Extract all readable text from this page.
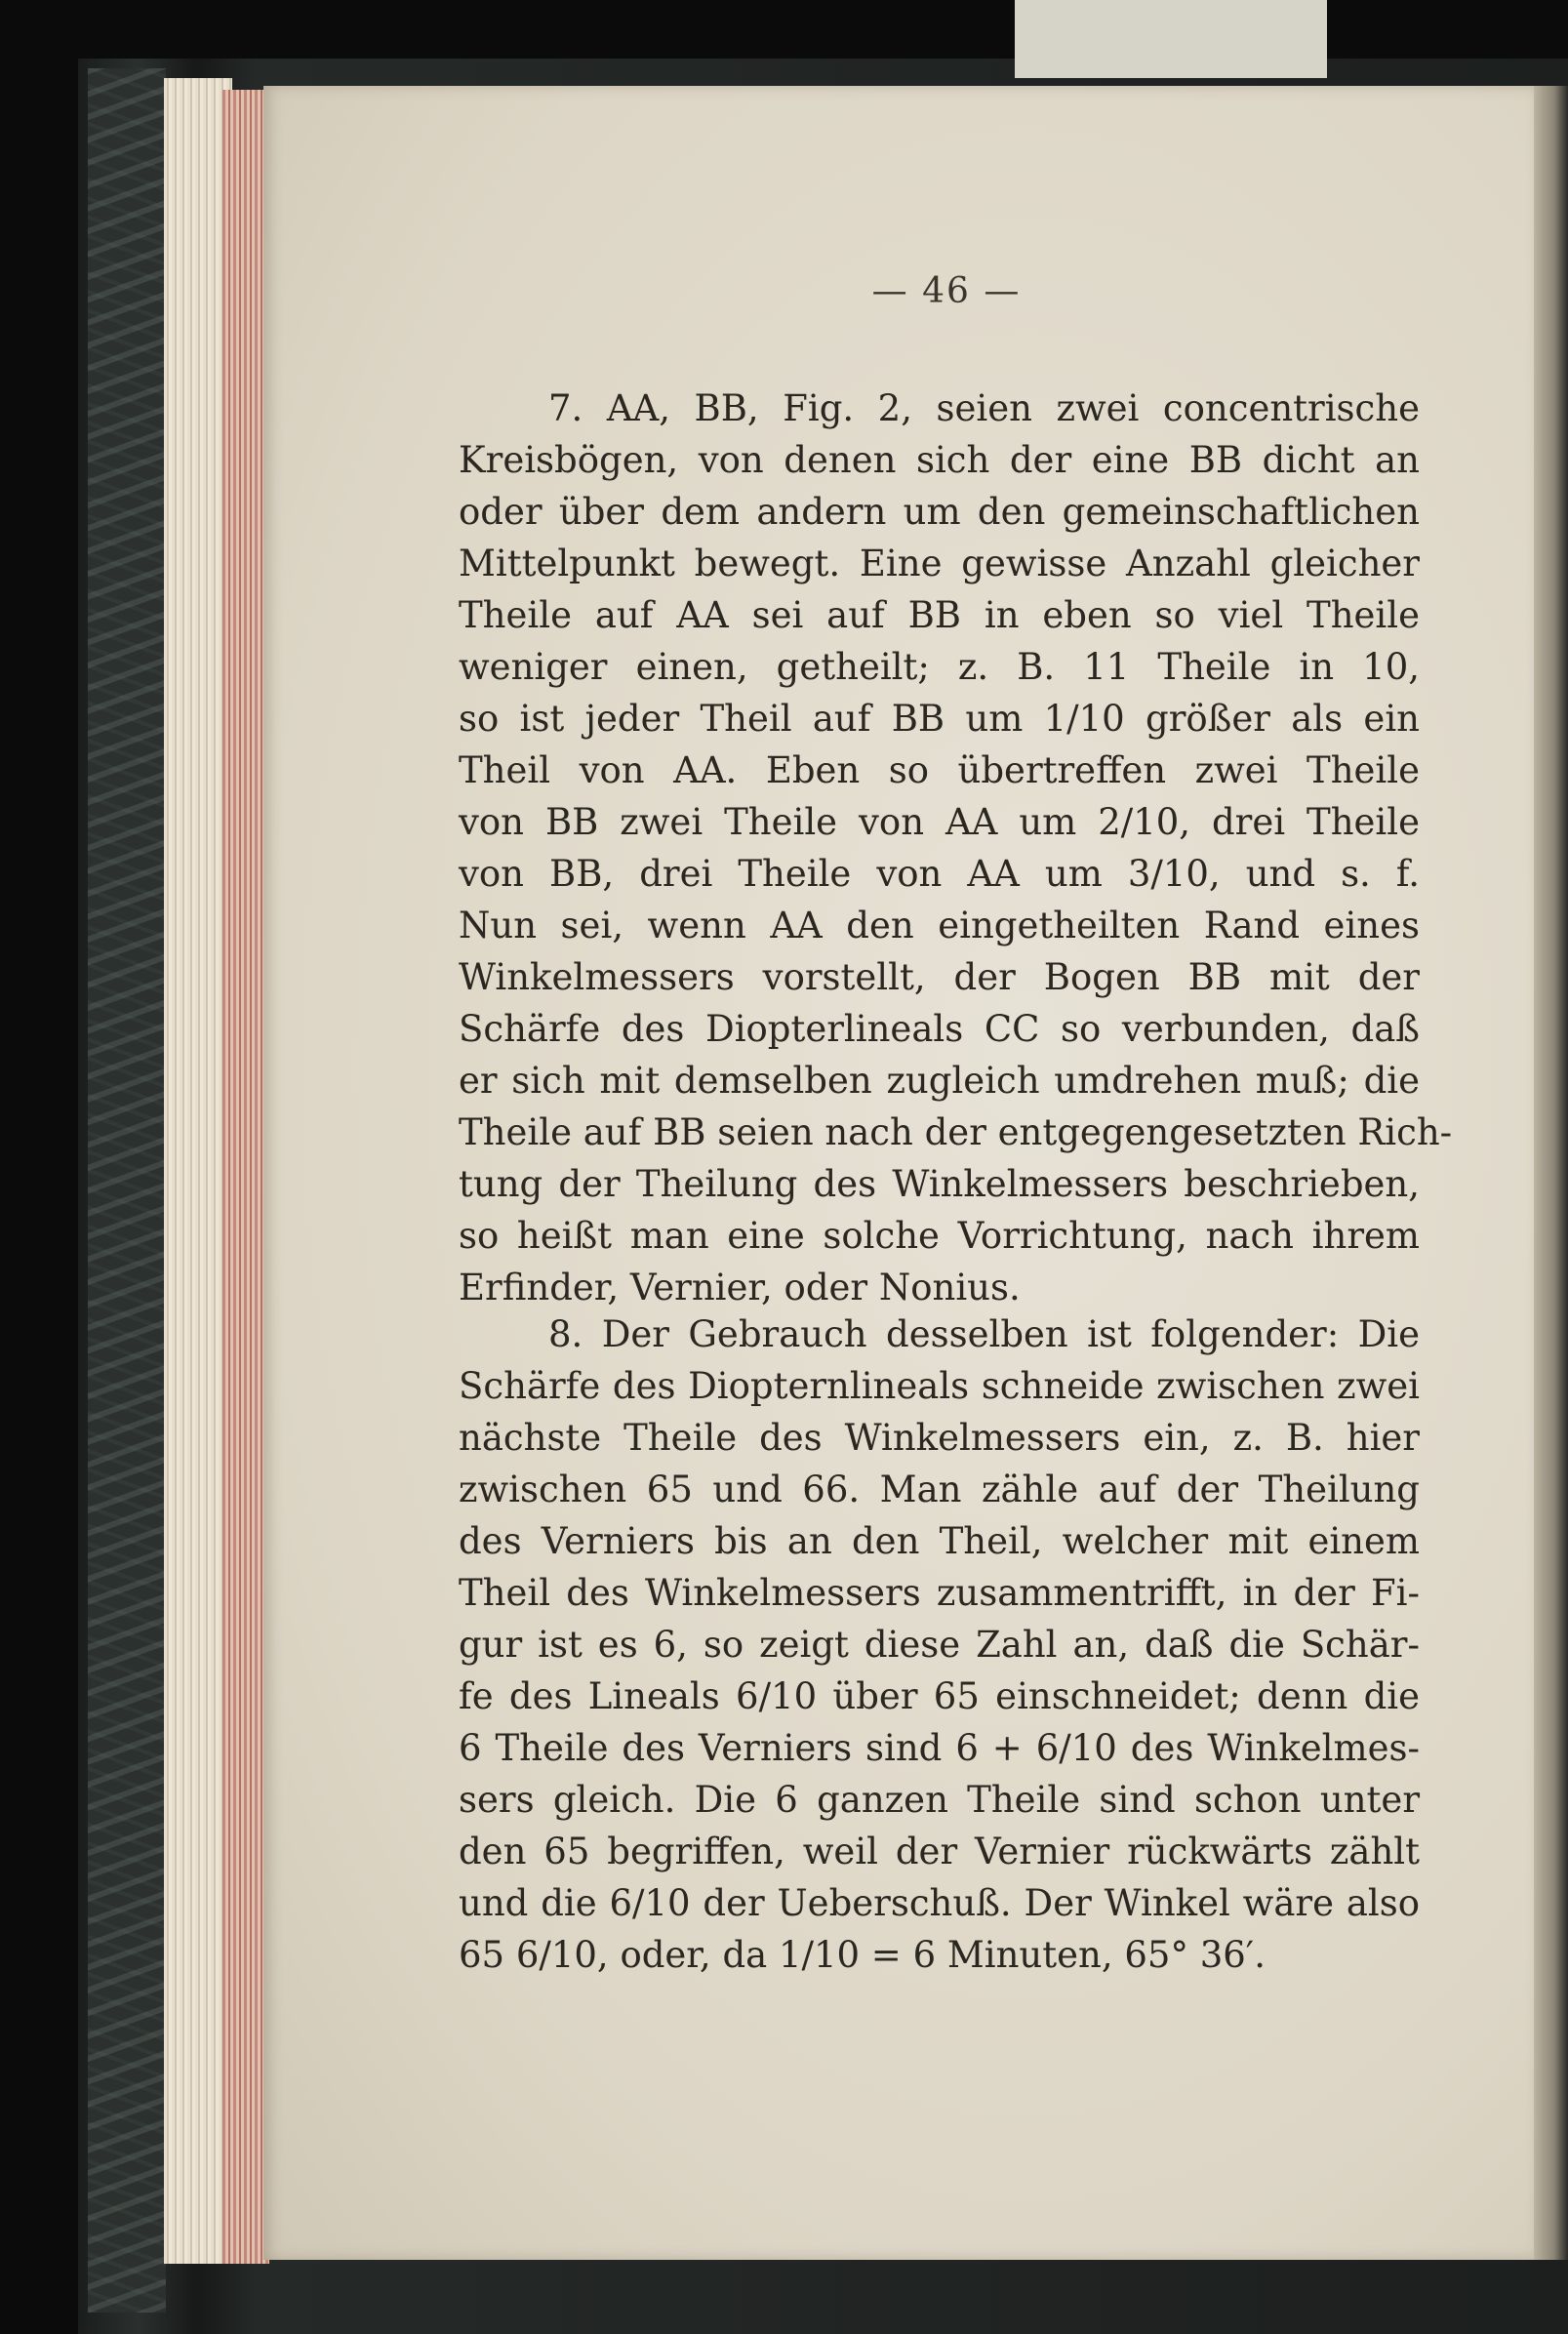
— 46 —
7. AA, BB, Fig. 2, seien zwei concentrische
Kreisbögen, von denen sich der eine BB dicht an
oder über dem andern um den gemeinschaftlichen
Mittelpunkt bewegt. Eine gewisse Anzahl gleicher
Theile auf AA sei auf BB in eben so viel Theile
weniger einen, getheilt; z. B. 11 Theile in 10,
so ist jeder Theil auf BB um 1/10 größer als ein
Theil von AA. Eben so übertreffen zwei Theile
von BB zwei Theile von AA um 2/10, drei Theile
von BB, drei Theile von AA um 3/10, und s. f.
Nun sei, wenn AA den eingetheilten Rand eines
Winkelmessers vorstellt, der Bogen BB mit der
Schärfe des Diopterlineals CC so verbunden, daß
er sich mit demselben zugleich umdrehen muß; die
Theile auf BB seien nach der entgegengesetzten Rich-
tung der Theilung des Winkelmessers beschrieben,
so heißt man eine solche Vorrichtung, nach ihrem
Erfinder, Vernier, oder Nonius.
8. Der Gebrauch desselben ist folgender: Die
Schärfe des Diopternlineals schneide zwischen zwei
nächste Theile des Winkelmessers ein, z. B. hier
zwischen 65 und 66. Man zähle auf der Theilung
des Verniers bis an den Theil, welcher mit einem
Theil des Winkelmessers zusammentrifft, in der Fi-
gur ist es 6, so zeigt diese Zahl an, daß die Schär-
fe des Lineals 6/10 über 65 einschneidet; denn die
6 Theile des Verniers sind 6 + 6/10 des Winkelmes-
sers gleich. Die 6 ganzen Theile sind schon unter
den 65 begriffen, weil der Vernier rückwärts zählt
und die 6/10 der Ueberschuß. Der Winkel wäre also
65 6/10, oder, da 1/10 = 6 Minuten, 65° 36′.
